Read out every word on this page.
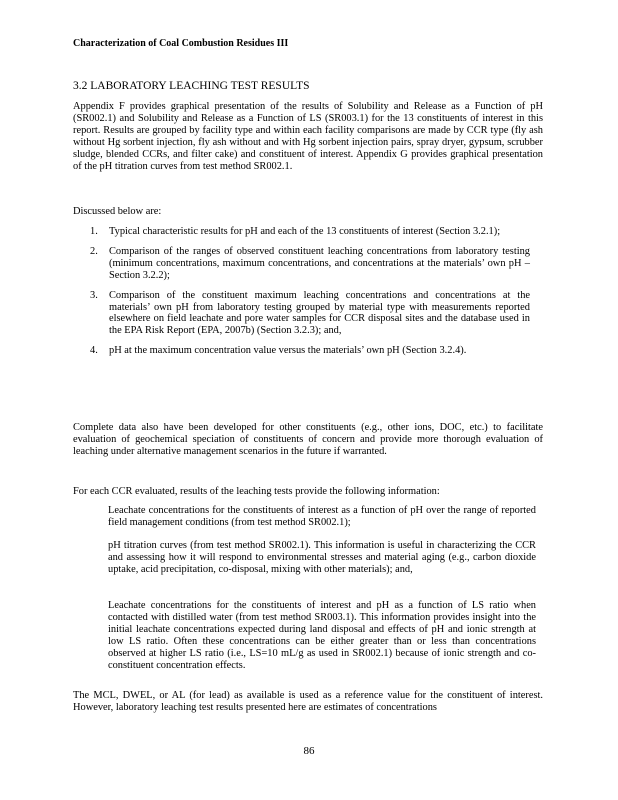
Characterization of Coal Combustion Residues III
3.2 LABORATORY LEACHING TEST RESULTS
Appendix F provides graphical presentation of the results of Solubility and Release as a Function of pH (SR002.1) and Solubility and Release as a Function of LS (SR003.1) for the 13 constituents of interest in this report. Results are grouped by facility type and within each facility comparisons are made by CCR type (fly ash without Hg sorbent injection, fly ash without and with Hg sorbent injection pairs, spray dryer, gypsum, scrubber sludge, blended CCRs, and filter cake) and constituent of interest. Appendix G provides graphical presentation of the pH titration curves from test method SR002.1.
Discussed below are:
1. Typical characteristic results for pH and each of the 13 constituents of interest (Section 3.2.1);
2. Comparison of the ranges of observed constituent leaching concentrations from laboratory testing (minimum concentrations, maximum concentrations, and concentrations at the materials’ own pH – Section 3.2.2);
3. Comparison of the constituent maximum leaching concentrations and concentrations at the materials’ own pH from laboratory testing grouped by material type with measurements reported elsewhere on field leachate and pore water samples for CCR disposal sites and the database used in the EPA Risk Report (EPA, 2007b) (Section 3.2.3); and,
4. pH at the maximum concentration value versus the materials’ own pH (Section 3.2.4).
Complete data also have been developed for other constituents (e.g., other ions, DOC, etc.) to facilitate evaluation of geochemical speciation of constituents of concern and provide more thorough evaluation of leaching under alternative management scenarios in the future if warranted.
For each CCR evaluated, results of the leaching tests provide the following information:
Leachate concentrations for the constituents of interest as a function of pH over the range of reported field management conditions (from test method SR002.1);
pH titration curves (from test method SR002.1). This information is useful in characterizing the CCR and assessing how it will respond to environmental stresses and material aging (e.g., carbon dioxide uptake, acid precipitation, co-disposal, mixing with other materials); and,
Leachate concentrations for the constituents of interest and pH as a function of LS ratio when contacted with distilled water (from test method SR003.1). This information provides insight into the initial leachate concentrations expected during land disposal and effects of pH and ionic strength at low LS ratio. Often these concentrations can be either greater than or less than concentrations observed at higher LS ratio (i.e., LS=10 mL/g as used in SR002.1) because of ionic strength and co-constituent concentration effects.
The MCL, DWEL, or AL (for lead) as available is used as a reference value for the constituent of interest. However, laboratory leaching test results presented here are estimates of concentrations
86
